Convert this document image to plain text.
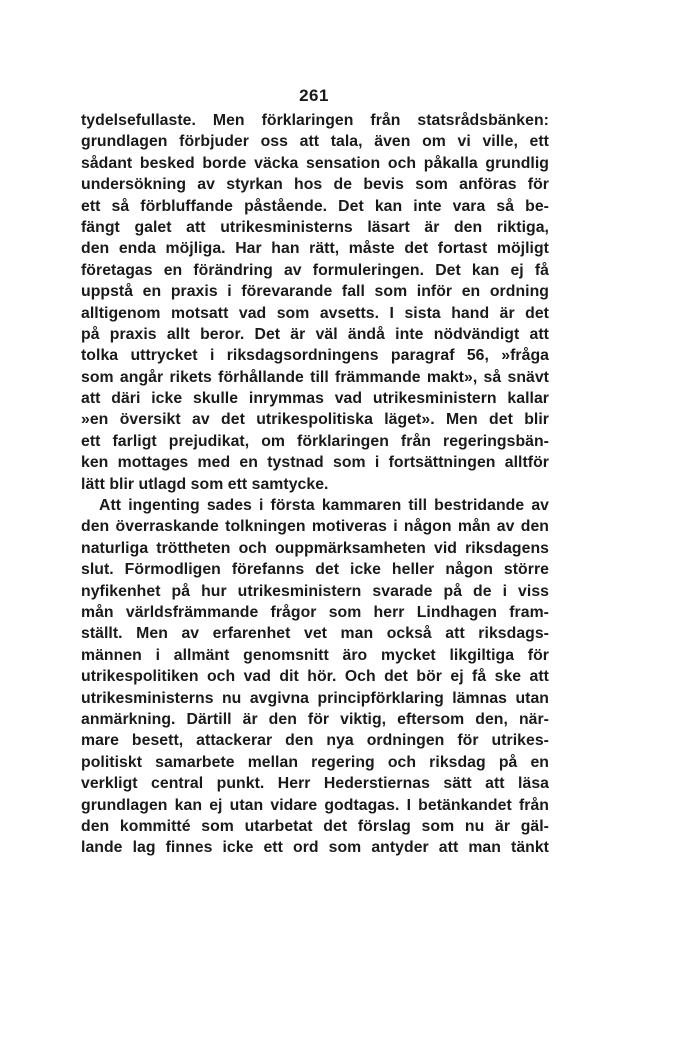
261
tydelsefullaste. Men förklaringen från statsrådsbänken:
grundlagen förbjuder oss att tala, även om vi ville, ett
sådant besked borde väcka sensation och påkalla grundlig
undersökning av styrkan hos de bevis som anföras för
ett så förbluffande påstående. Det kan inte vara så be-
fängt galet att utrikesministerns läsart är den riktiga,
den enda möjliga. Har han rätt, måste det fortast möjligt
företagas en förändring av formuleringen. Det kan ej få
uppstå en praxis i förevarande fall som inför en ordning
alltigenom motsatt vad som avsetts. I sista hand är det
på praxis allt beror. Det är väl ändå inte nödvändigt att
tolka uttrycket i riksdagsordningens paragraf 56, »fråga
som angår rikets förhållande till främmande makt», så snävt
att däri icke skulle inrymmas vad utrikesministern kallar
»en översikt av det utrikespolitiska läget». Men det blir
ett farligt prejudikat, om förklaringen från regeringsbän-
ken mottages med en tystnad som i fortsättningen alltför
lätt blir utlagd som ett samtycke.
Att ingenting sades i första kammaren till bestridande av
den överraskande tolkningen motiveras i någon mån av den
naturliga tröttheten och ouppmärksamheten vid riksdagens
slut. Förmodligen förefanns det icke heller någon större
nyfikenhet på hur utrikesministern svarade på de i viss
mån världsfrämmande frågor som herr Lindhagen fram-
ställt. Men av erfarenhet vet man också att riksdags-
männen i allmänt genomsnitt äro mycket likgiltiga för
utrikespolitiken och vad dit hör. Och det bör ej få ske att
utrikesministerns nu avgivna principförklaring lämnas utan
anmärkning. Därtill är den för viktig, eftersom den, när-
mare besett, attackerar den nya ordningen för utrikes-
politiskt samarbete mellan regering och riksdag på en
verkligt central punkt. Herr Hederstiernas sätt att läsa
grundlagen kan ej utan vidare godtagas. I betänkandet från
den kommitté som utarbetat det förslag som nu är gäl-
lande lag finnes icke ett ord som antyder att man tänkt
